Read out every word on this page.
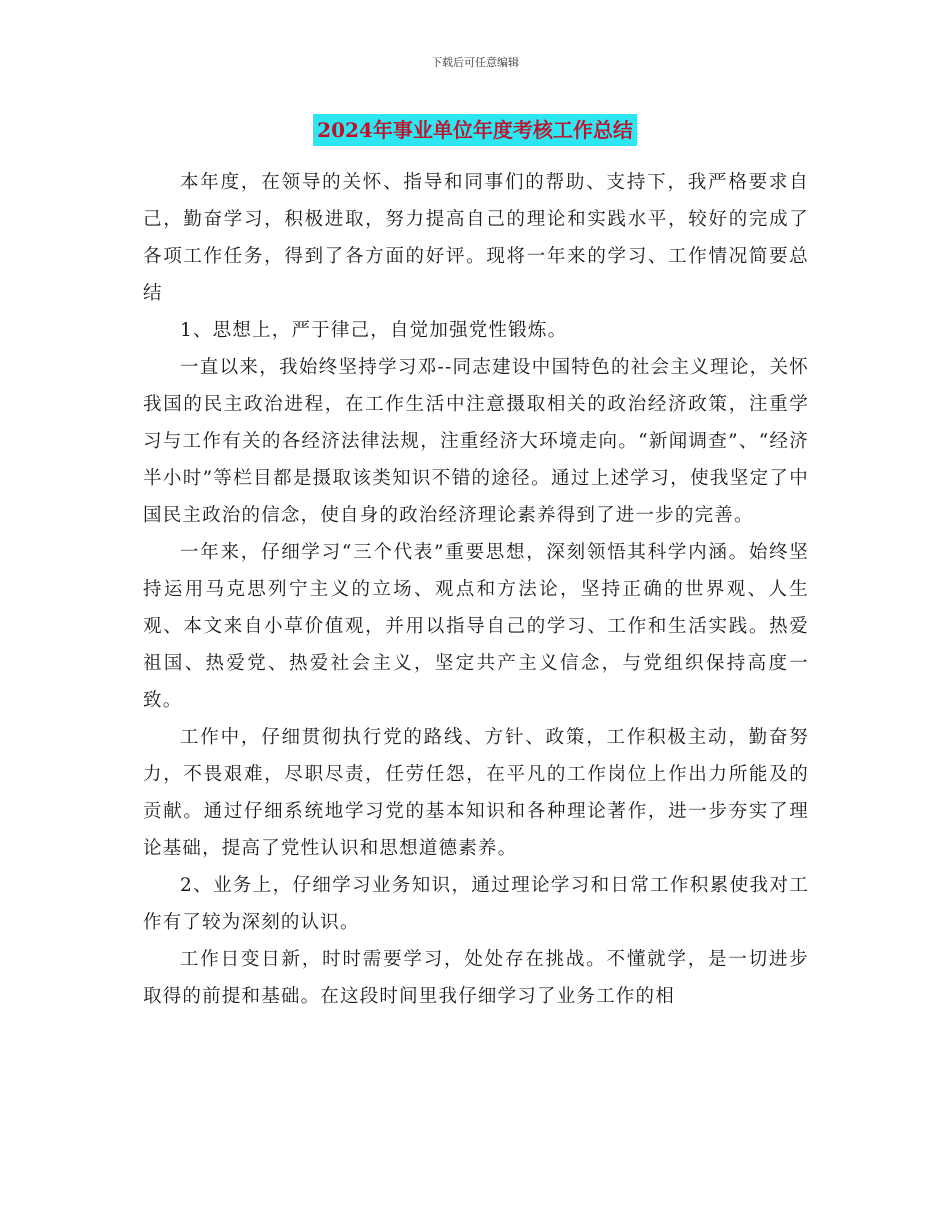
下载后可任意编辑
2024年事业单位年度考核工作总结

本年度，在领导的关怀、指导和同事们的帮助、支持下，我严格要求自己，勤奋学习，积极进取，努力提高自己的理论和实践水平，较好的完成了各项工作任务，得到了各方面的好评。现将一年来的学习、工作情况简要总结

1、思想上，严于律己，自觉加强党性锻炼。

一直以来，我始终坚持学习邓--同志建设中国特色的社会主义理论，关怀我国的民主政治进程，在工作生活中注意摄取相关的政治经济政策，注重学习与工作有关的各经济法律法规，注重经济大环境走向。“新闻调查”、“经济半小时”等栏目都是摄取该类知识不错的途径。通过上述学习，使我坚定了中国民主政治的信念，使自身的政治经济理论素养得到了进一步的完善。

一年来，仔细学习“三个代表”重要思想，深刻领悟其科学内涵。始终坚持运用马克思列宁主义的立场、观点和方法论，坚持正确的世界观、人生观、本文来自小草价值观，并用以指导自己的学习、工作和生活实践。热爱祖国、热爱党、热爱社会主义，坚定共产主义信念，与党组织保持高度一致。

工作中，仔细贯彻执行党的路线、方针、政策，工作积极主动，勤奋努力，不畏艰难，尽职尽责，任劳任怨，在平凡的工作岗位上作出力所能及的贡献。通过仔细系统地学习党的基本知识和各种理论著作，进一步夯实了理论基础，提高了党性认识和思想道德素养。

2、业务上，仔细学习业务知识，通过理论学习和日常工作积累使我对工作有了较为深刻的认识。

工作日变日新，时时需要学习，处处存在挑战。不懂就学，是一切进步取得的前提和基础。在这段时间里我仔细学习了业务工作的相
